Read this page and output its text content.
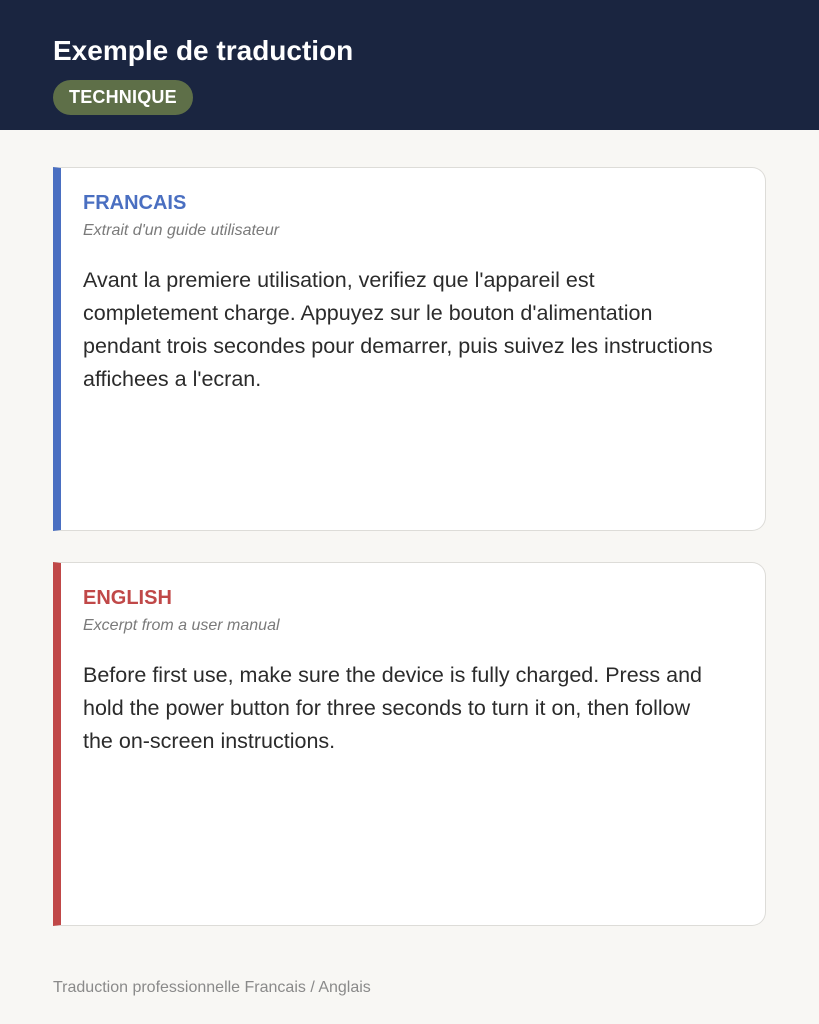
Exemple de traduction
TECHNIQUE
FRANCAIS
Extrait d'un guide utilisateur

Avant la premiere utilisation, verifiez que l'appareil est completement charge. Appuyez sur le bouton d'alimentation pendant trois secondes pour demarrer, puis suivez les instructions affichees a l'ecran.

ENGLISH
Excerpt from a user manual

Before first use, make sure the device is fully charged. Press and hold the power button for three seconds to turn it on, then follow the on-screen instructions.

Traduction professionnelle Francais / Anglais
